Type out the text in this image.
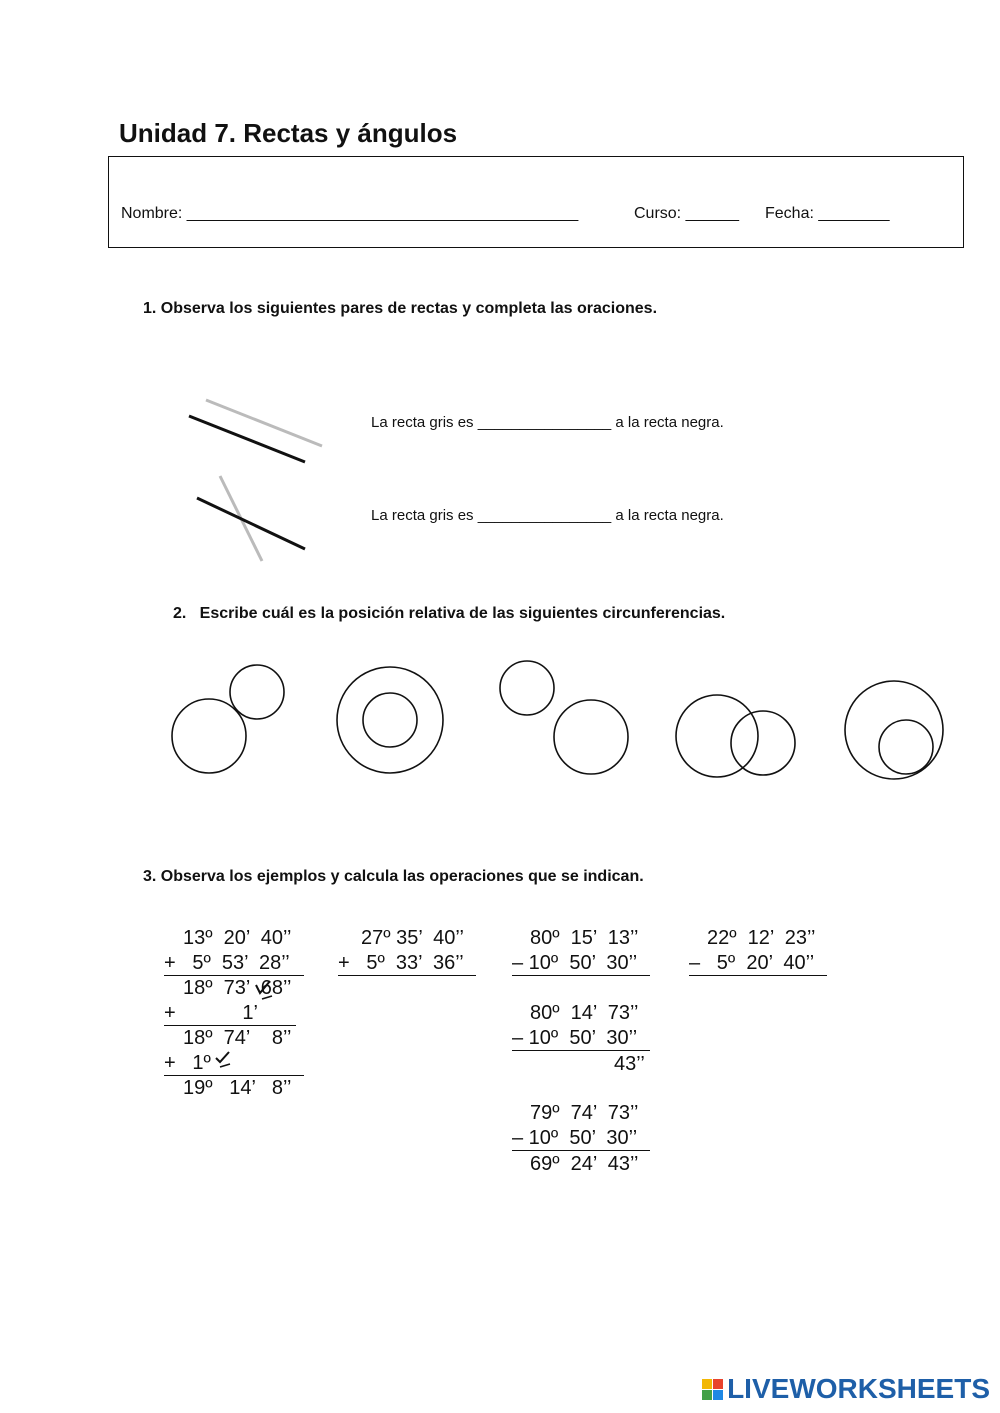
Unidad 7. Rectas y ángulos
Nombre: ____________________________________________	Curso: ______ Fecha: ________
1. Observa los siguientes pares de rectas y completa las oraciones.
La recta gris es ________________ a la recta negra.
La recta gris es ________________ a la recta negra.
2.   Escribe cuál es la posición relativa de las siguientes circunferencias.
3. Observa los ejemplos y calcula las operaciones que se indican.
13º  20’  40’’
+   5º  53’  28’’
18º  73’  68’’
+            1’
18º  74’    8’’
+   1º
19º   14’   8’’
27º 35’  40’’
+   5º  33’  36’’
80º  15’  13’’
– 10º  50’  30’’
80º  14’  73’’
– 10º  50’  30’’
43’’
79º  74’  73’’
– 10º  50’  30’’
69º  24’  43’’
22º  12’  23’’
–   5º  20’  40’’
LIVEWORKSHEETS
